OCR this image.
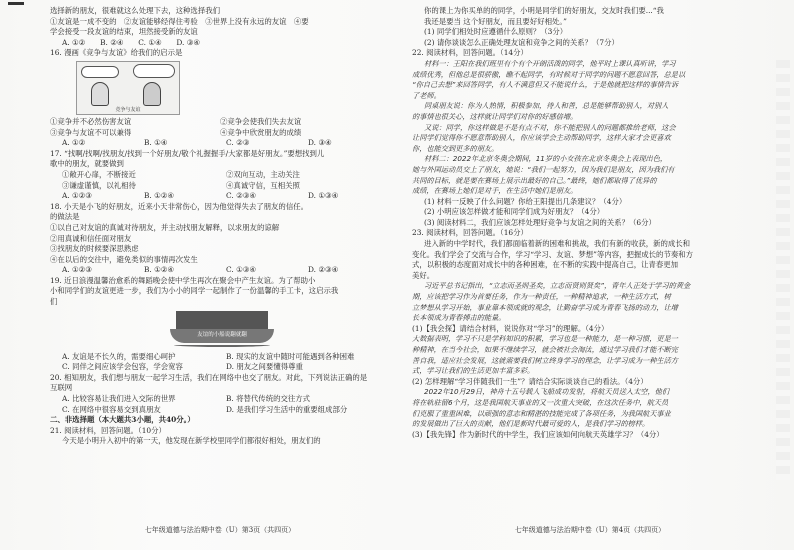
选择新的朋友，很难就这么处理下去，这种选择我们
①友谊是一成不变的　②友谊能够经得住考验　③世界上没有永远的友谊　④要
学会接受一段友谊的结束，坦然接受新的友谊
A. ①②　　B. ②④　　C. ①④　　D. ③④
16. 漫画《竞争与友谊》给我们的启示是
竞争与友谊
①竞争并不必然伤害友谊	②竞争会使我们失去友谊
③竞争与友谊不可以兼得	④竞争中欣赏朋友的成绩
A. ①②	B. ①④	C. ②③	D. ③④
17. “找啊/找啊/找朋友/找到一个好朋友/敬个礼握握手/大家都是好朋友。”要想找到儿
歌中的朋友，就要做到
①敞开心扉，不断接近	②双向互动，主动关注
③谦虚谨慎，以礼相待	④真诚守信，互相关照
A. ①②③	B. ①②④	C. ②③④	D. ①③④
18. 小天是小飞的好朋友，近来小天非常伤心，因为他觉得失去了朋友的信任。
的做法是
①以自己对友谊的真诚对待朋友，并主动找朋友解释，以求朋友的谅解
②用真诚和信任面对朋友
③找朋友的时候要深思熟虑
④在以后的交往中，避免类似的事情再次发生
A. ①②③	B. ①②④	C. ①③④	D. ②③④
19. 近日浪漫温馨治愈系的舞蹈晚会使中学生再次在聚会中产生友谊。为了帮助小
小和同学们的友谊更进一步，我们为小小的同学一起制作了一份温馨的手工卡，这启示我
们
友谊的小船说翻就翻
A. 友谊是不长久的，需要细心呵护	B. 现实的友谊中随时可能遇到各种困难
C. 同伴之间应该学会包容，学会宽容	D. 朋友之间要懂得尊重
20. 相知朋友，我们想与朋友一起学习生活，我们在网络中也交了朋友。对此，下列说法正确的是
互联网
A. 比较容易让我们进入交际的世界	B. 将替代传统的交往方式
C. 在网络中很容易交到真朋友	D. 是我们学习生活中的重要组成部分
二、非选择题（本大题共3小题，共40分。）
21. 阅读材料，回答问题。（10分）
今天是小明升入初中的第一天，他发现在新学校里同学们都很好相处，朋友们的
七年级道德与法治期中卷（U）第3页（共四页）
你的课上为你买单的的同学，小明是同学们的好朋友，交友时我们要...“我
我还是要当 这个好朋友，而且要好好相处。”
(1) 同学们相处时应遵循什么原则？（3分）
(2) 请你谈谈怎么正确处理友谊和竞争之间的关系？（7分）
22. 阅读材料，回答问题。（14分）
材料一：王阳在我们班里有个有个开朗活泼的同学，他平时上课认真听讲，学习
成绩优秀，但他总是很骄傲，瞧不起同学，有时候对于同学的问题不愿意回答，总是以
“你自己去想”来回答同学，有人不满意但又不能说什么，于是他就把这样的事情告诉
了老师。
同桌朋友说：你为人热情，积极参加，待人和善，总是能够帮助别人，对别人
的事情也很关心，这样就让同学们对你的好感倍增。
又说：同学，你这样做是不是有点不对，你不能把别人的问题都推给老师，这会
让同学们觉得你不愿意帮助别人，你应该学会主动帮助同学，这样大家才会更喜欢
你，也能交到更多的朋友。
材料二：2022年北京冬奥会期间，11岁的小女孩在北京冬奥会上表现出色，
她与外国运动员交上了朋友，她说：“我们一起努力，因为我们是朋友，因为我们有
共同的目标，就是要在赛场上展示出最好的自己。”最终，她们都取得了优异的
成绩，在赛场上她们是对手，在生活中她们是朋友。
(1) 材料一反映了什么问题？你给王阳提出几条建议？（4分）
(2) 小明应该怎样做才能和同学们成为好朋友？（4分）
(3) 阅读材料二，我们应该怎样处理好竞争与友谊之间的关系？（6分）
23. 阅读材料，回答问题。（16分）
进入新的中学时代，我们都面临着新的困难和挑战，我们有新的收获，新的成长和
变化。我们学会了交流与合作，学习“学习、友谊、梦想”等内容，把握成长的节奏和方
式，以积极的态度面对成长中的各种困难，在不断的实践中提高自己，让青春更加
美好。
习近平总书记指出，“立志而圣则圣矣，立志而贤则贤矣”，青年人正处于学习的黄金
期，应该把学习作为首要任务，作为一种责任，一种精神追求，一种生活方式，树
立梦想从学习开始，事业靠本领成就的观念，让勤奋学习成为青春飞扬的动力，让增
长本领成为青春搏击的能量。
(1)【我会探】请结合材料，说说你对“学习”的理解。（4分）
大数据表明，学习不只是学科知识的积累，学习也是一种能力，是一种习惯，更是一
种精神，在当今社会，如果不继续学习，就会被社会淘汰，通过学习我们才能不断完
善自我，适应社会发展，这就需要我们树立终身学习的理念，让学习成为一种生活方
式，学习让我们的生活更加丰富多彩。
(2) 怎样理解“学习伴随我们一生”？请结合实际谈谈自己的看法。（4分）
2022年10月29日，神舟十五号载人飞船成功发射，将航天员送入太空，他们
将在轨驻留6个月，这是我国航天事业的又一次重大突破，在这次任务中，航天员
们克服了重重困难，以顽强的意志和精湛的技能完成了各项任务，为我国航天事业
的发展做出了巨大的贡献，他们是新时代最可爱的人，是我们学习的榜样。
(3)【我先锋】作为新时代的中学生，我们应该如何向航天英雄学习？（4分）
七年级道德与法治期中卷（U）第4页（共四页）
